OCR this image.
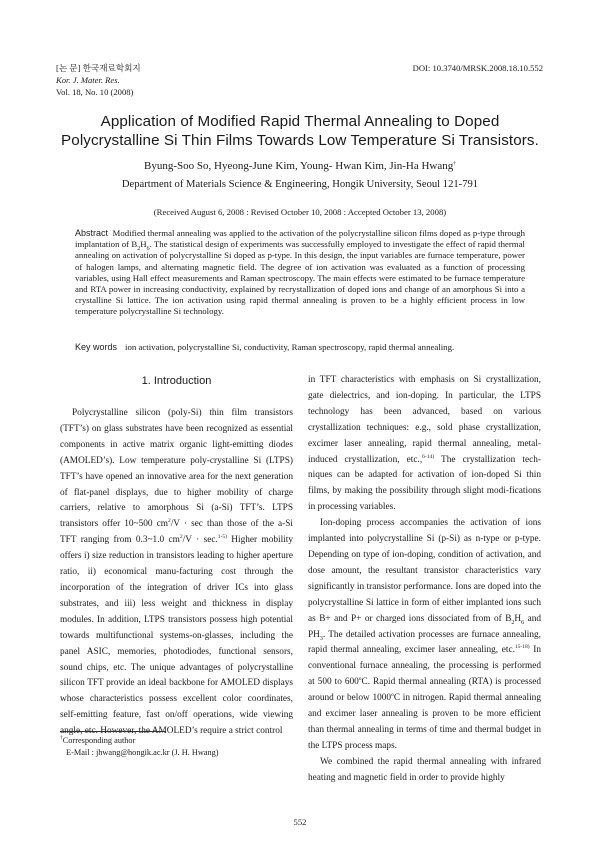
[논 문] 한국재료학회지
Kor. J. Mater. Res.
Vol. 18, No. 10 (2008)
DOI: 10.3740/MRSK.2008.18.10.552
Application of Modified Rapid Thermal Annealing to Doped
Polycrystalline Si Thin Films Towards Low Temperature Si Transistors.
Byung-Soo So, Hyeong-June Kim, Young- Hwan Kim, Jin-Ha Hwang†
Department of Materials Science & Engineering, Hongik University, Seoul 121-791
(Received August 6, 2008 : Revised October 10, 2008 : Accepted October 13, 2008)
Abstract Modified thermal annealing was applied to the activation of the polycrystalline silicon films doped as p-type through implantation of $B_2H_6$. The statistical design of experiments was successfully employed to investigate the effect of rapid thermal annealing on activation of polycrystalline Si doped as p-type. In this design, the input variables are furnace temperature, power of halogen lamps, and alternating magnetic field. The degree of ion activation was evaluated as a function of processing variables, using Hall effect measurements and Raman spectroscopy. The main effects were estimated to be furnace temperature and RTA power in increasing conductivity, explained by recrystallization of doped ions and change of an amorphous Si into a crystalline Si lattice. The ion activation using rapid thermal annealing is proven to be a highly efficient process in low temperature polycrystalline Si technology.
Key words ion activation, polycrystalline Si, conductivity, Raman spectroscopy, rapid thermal annealing.
1. Introduction

Polycrystalline silicon (poly-Si) thin film transistors (TFT’s) on glass substrates have been recognized as essential components in active matrix organic light-emitting diodes (AMOLED’s). Low temperature poly-crystalline Si (LTPS) TFT’s have opened an innovative area for the next generation of flat-panel displays, due to higher mobility of charge carriers, relative to amorphous Si (a-Si) TFT’s. LTPS transistors offer 10~500 $cm^2/V \cdot \sec$ than those of the a-Si TFT ranging from 0.3~1.0 $cm^2/V \cdot \sec.^{1-5)}$ Higher mobility offers i) size reduction in transistors leading to higher aperture ratio, ii) economical manu-facturing cost through the incorporation of the integration of driver ICs into glass substrates, and iii) less weight and thickness in display modules. In addition, LTPS transistors possess high potential towards multifunctional systems-on-glasses, including the panel ASIC, memories, photodiodes, functional sensors, sound chips, etc. The unique advantages of polycrystalline silicon TFT provide an ideal backbone for AMOLED displays whose characteristics possess excellent color coordinates, self-emitting feature, fast on/off operations, wide viewing angle, etc. However, the AMOLED’s require a strict control

in TFT characteristics with emphasis on Si crystallization, gate dielectrics, and ion-doping. In particular, the LTPS technology has been advanced, based on various crystallization techniques: e.g., sold phase crystallization, excimer laser annealing, rapid thermal annealing, metal-induced crystallization, etc.,$^{6-14)}$ The crystallization tech-niques can be adapted for activation of ion-doped Si thin films, by making the possibility through slight modi-fications in processing variables.

Ion-doping process accompanies the activation of ions implanted into polycrystalline Si (p-Si) as n-type or p-type. Depending on type of ion-doping, condition of activation, and dose amount, the resultant transistor characteristics vary significantly in transistor performance. Ions are doped into the polycrystalline Si lattice in form of either implanted ions such as B+ and P+ or charged ions dissociated from of $B_2H_6$ and $PH_3$. The detailed activation processes are furnace annealing, rapid thermal annealing, excimer laser annealing, etc.$^{15-18)}$ In conventional furnace annealing, the processing is performed at 500 to 600$^o$C. Rapid thermal annealing (RTA) is processed around or below 1000$^o$C in nitrogen. Rapid thermal annealing and excimer laser annealing is proven to be more efficient than thermal annealing in terms of time and thermal budget in the LTPS process maps.

We combined the rapid thermal annealing with infrared heating and magnetic field in order to provide highly

†Corresponding author
E-Mail : jhwang@hongik.ac.kr (J. H. Hwang)
552
